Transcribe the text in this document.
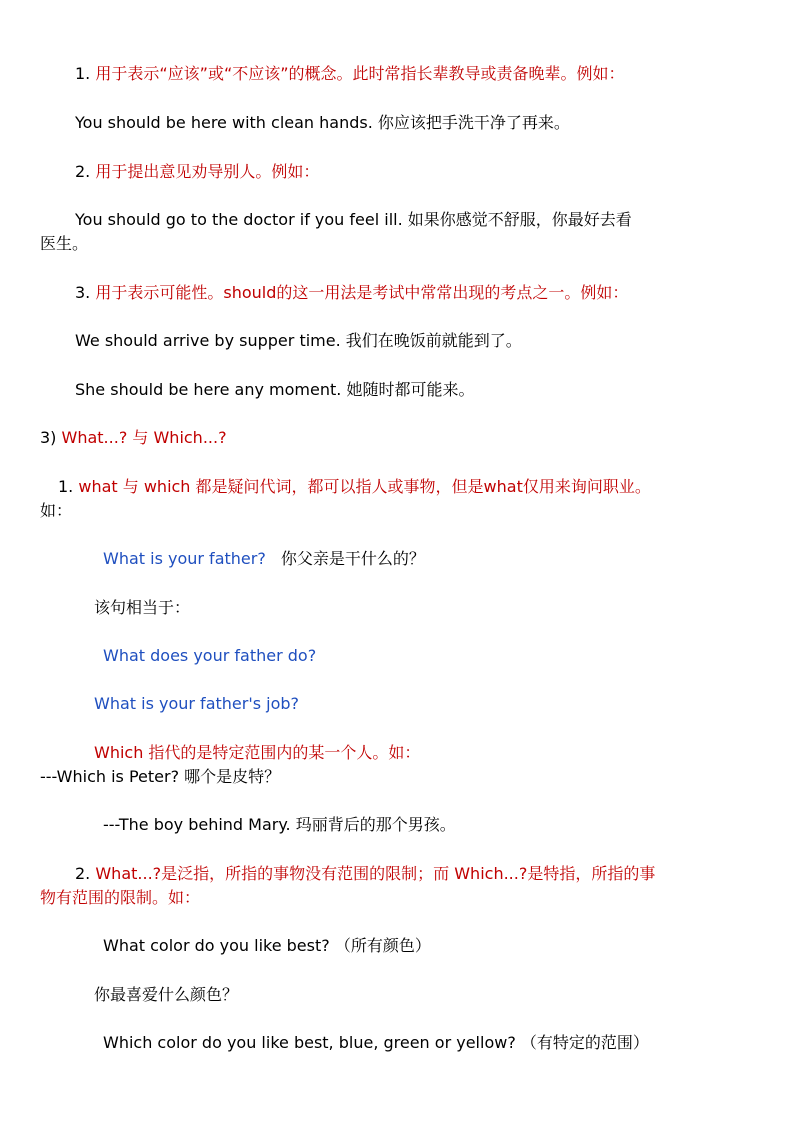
1. 用于表示“应该”或“不应该”的概念。此时常指长辈教导或责备晚辈。例如：
You should be here with clean hands. 你应该把手洗干净了再来。
2. 用于提出意见劝导别人。例如：
You should go to the doctor if you feel ill. 如果你感觉不舒服，你最好去看
医生。
3. 用于表示可能性。should的这一用法是考试中常常出现的考点之一。例如：
We should arrive by supper time. 我们在晚饭前就能到了。
She should be here any moment. 她随时都可能来。
3) What...? 与 Which...?
1. what 与 which 都是疑问代词，都可以指人或事物，但是what仅用来询问职业。
如：
What is your father? 你父亲是干什么的？
该句相当于：
What does your father do?
What is your father's job?
Which 指代的是特定范围内的某一个人。如：
---Which is Peter? 哪个是皮特？
---The boy behind Mary. 玛丽背后的那个男孩。
2. What...?是泛指，所指的事物没有范围的限制；而 Which...?是特指，所指的事
物有范围的限制。如：
What color do you like best? （所有颜色）
你最喜爱什么颜色？
Which color do you like best, blue, green or yellow? （有特定的范围）
